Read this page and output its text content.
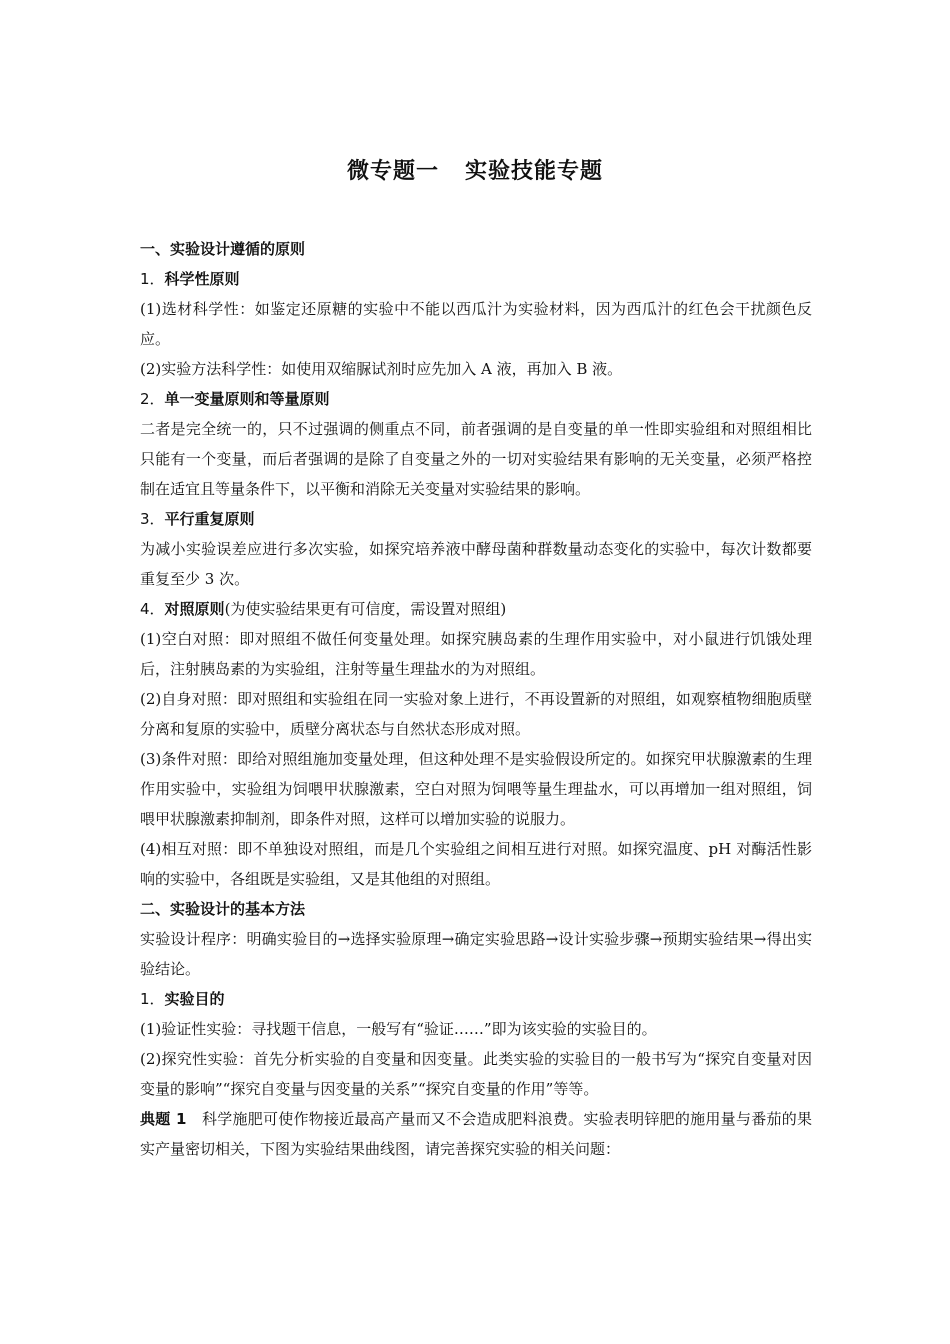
微专题一 实验技能专题

一、实验设计遵循的原则

1．科学性原则

(1)选材科学性：如鉴定还原糖的实验中不能以西瓜汁为实验材料，因为西瓜汁的红色会干扰颜色反应。

(2)实验方法科学性：如使用双缩脲试剂时应先加入 A 液，再加入 B 液。

2．单一变量原则和等量原则

二者是完全统一的，只不过强调的侧重点不同，前者强调的是自变量的单一性即实验组和对照组相比只能有一个变量，而后者强调的是除了自变量之外的一切对实验结果有影响的无关变量，必须严格控制在适宜且等量条件下，以平衡和消除无关变量对实验结果的影响。

3．平行重复原则

为减小实验误差应进行多次实验，如探究培养液中酵母菌种群数量动态变化的实验中，每次计数都要重复至少 3 次。

4．对照原则(为使实验结果更有可信度，需设置对照组)

(1)空白对照：即对照组不做任何变量处理。如探究胰岛素的生理作用实验中，对小鼠进行饥饿处理后，注射胰岛素的为实验组，注射等量生理盐水的为对照组。

(2)自身对照：即对照组和实验组在同一实验对象上进行，不再设置新的对照组，如观察植物细胞质壁分离和复原的实验中，质壁分离状态与自然状态形成对照。

(3)条件对照：即给对照组施加变量处理，但这种处理不是实验假设所定的。如探究甲状腺激素的生理作用实验中，实验组为饲喂甲状腺激素，空白对照为饲喂等量生理盐水，可以再增加一组对照组，饲喂甲状腺激素抑制剂，即条件对照，这样可以增加实验的说服力。

(4)相互对照：即不单独设对照组，而是几个实验组之间相互进行对照。如探究温度、pH 对酶活性影响的实验中，各组既是实验组，又是其他组的对照组。

二、实验设计的基本方法

实验设计程序：明确实验目的→选择实验原理→确定实验思路→设计实验步骤→预期实验结果→得出实验结论。

1．实验目的

(1)验证性实验：寻找题干信息，一般写有“验证……”即为该实验的实验目的。

(2)探究性实验：首先分析实验的自变量和因变量。此类实验的实验目的一般书写为“探究自变量对因变量的影响”“探究自变量与因变量的关系”“探究自变量的作用”等等。

典题 1　 科学施肥可使作物接近最高产量而又不会造成肥料浪费。实验表明锌肥的施用量与番茄的果实产量密切相关，下图为实验结果曲线图，请完善探究实验的相关问题：
